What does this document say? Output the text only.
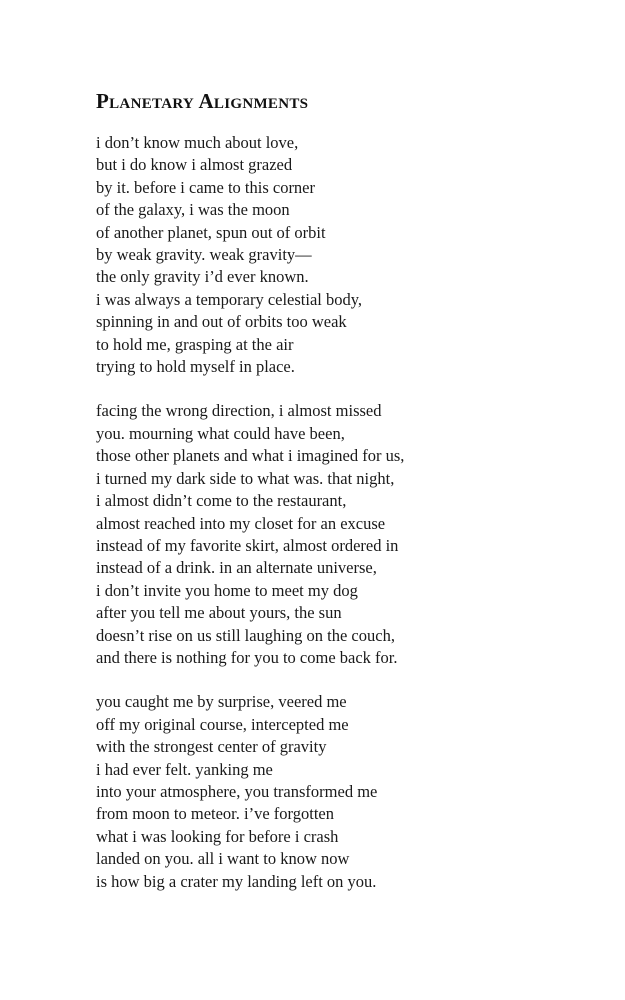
Planetary Alignments

i don’t know much about love,
but i do know i almost grazed
by it. before i came to this corner
of the galaxy, i was the moon
of another planet, spun out of orbit
by weak gravity. weak gravity—
the only gravity i’d ever known.
i was always a temporary celestial body,
spinning in and out of orbits too weak
to hold me, grasping at the air
trying to hold myself in place.

facing the wrong direction, i almost missed
you. mourning what could have been,
those other planets and what i imagined for us,
i turned my dark side to what was. that night,
i almost didn’t come to the restaurant,
almost reached into my closet for an excuse
instead of my favorite skirt, almost ordered in
instead of a drink. in an alternate universe,
i don’t invite you home to meet my dog
after you tell me about yours, the sun
doesn’t rise on us still laughing on the couch,
and there is nothing for you to come back for.

you caught me by surprise, veered me
off my original course, intercepted me
with the strongest center of gravity
i had ever felt. yanking me
into your atmosphere, you transformed me
from moon to meteor. i’ve forgotten
what i was looking for before i crash
landed on you. all i want to know now
is how big a crater my landing left on you.
